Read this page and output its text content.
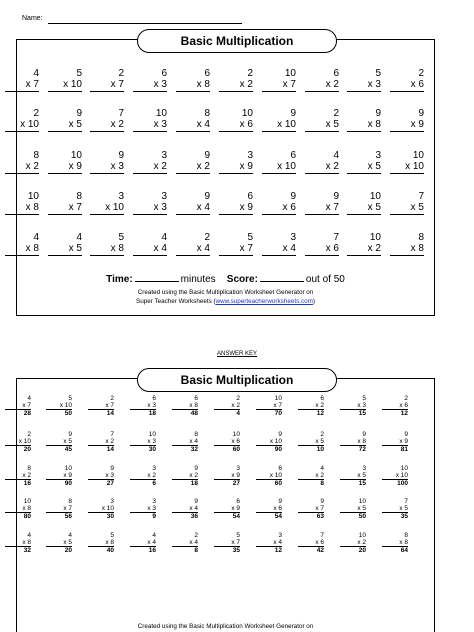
Name:
Basic Multiplication
4
x 7
5
x 10
2
x 7
6
x 3
6
x 8
2
x 2
10
x 7
6
x 2
5
x 3
2
x 6
2
x 10
9
x 5
7
x 2
10
x 3
8
x 4
10
x 6
9
x 10
2
x 5
9
x 8
9
x 9
8
x 2
10
x 9
9
x 3
3
x 2
9
x 2
3
x 9
6
x 10
4
x 2
3
x 5
10
x 10
10
x 8
8
x 7
3
x 10
3
x 3
9
x 4
6
x 9
9
x 6
9
x 7
10
x 5
7
x 5
4
x 8
4
x 5
5
x 8
4
x 4
2
x 4
5
x 7
3
x 4
7
x 6
10
x 2
8
x 8
Time:	minutes Score:	out of 50
Created using the Basic Multiplication Worksheet Generator on
Super Teacher Worksheets (www.superteacherworksheets.com)
ANSWER KEY
Basic Multiplication
4
x 7
28
5
x 10
50
2
x 7
14
6
x 3
18
6
x 8
48
2
x 2
4
10
x 7
70
6
x 2
12
5
x 3
15
2
x 6
12
2
x 10
20
9
x 5
45
7
x 2
14
10
x 3
30
8
x 4
32
10
x 6
60
9
x 10
90
2
x 5
10
9
x 8
72
9
x 9
81
8
x 2
16
10
x 9
90
9
x 3
27
3
x 2
6
9
x 2
18
3
x 9
27
6
x 10
60
4
x 2
8
3
x 5
15
10
x 10
100
10
x 8
80
8
x 7
56
3
x 10
30
3
x 3
9
9
x 4
36
6
x 9
54
9
x 6
54
9
x 7
63
10
x 5
50
7
x 5
35
4
x 8
32
4
x 5
20
5
x 8
40
4
x 4
16
2
x 4
8
5
x 7
35
3
x 4
12
7
x 6
42
10
x 2
20
8
x 8
64
Created using the Basic Multiplication Worksheet Generator on
